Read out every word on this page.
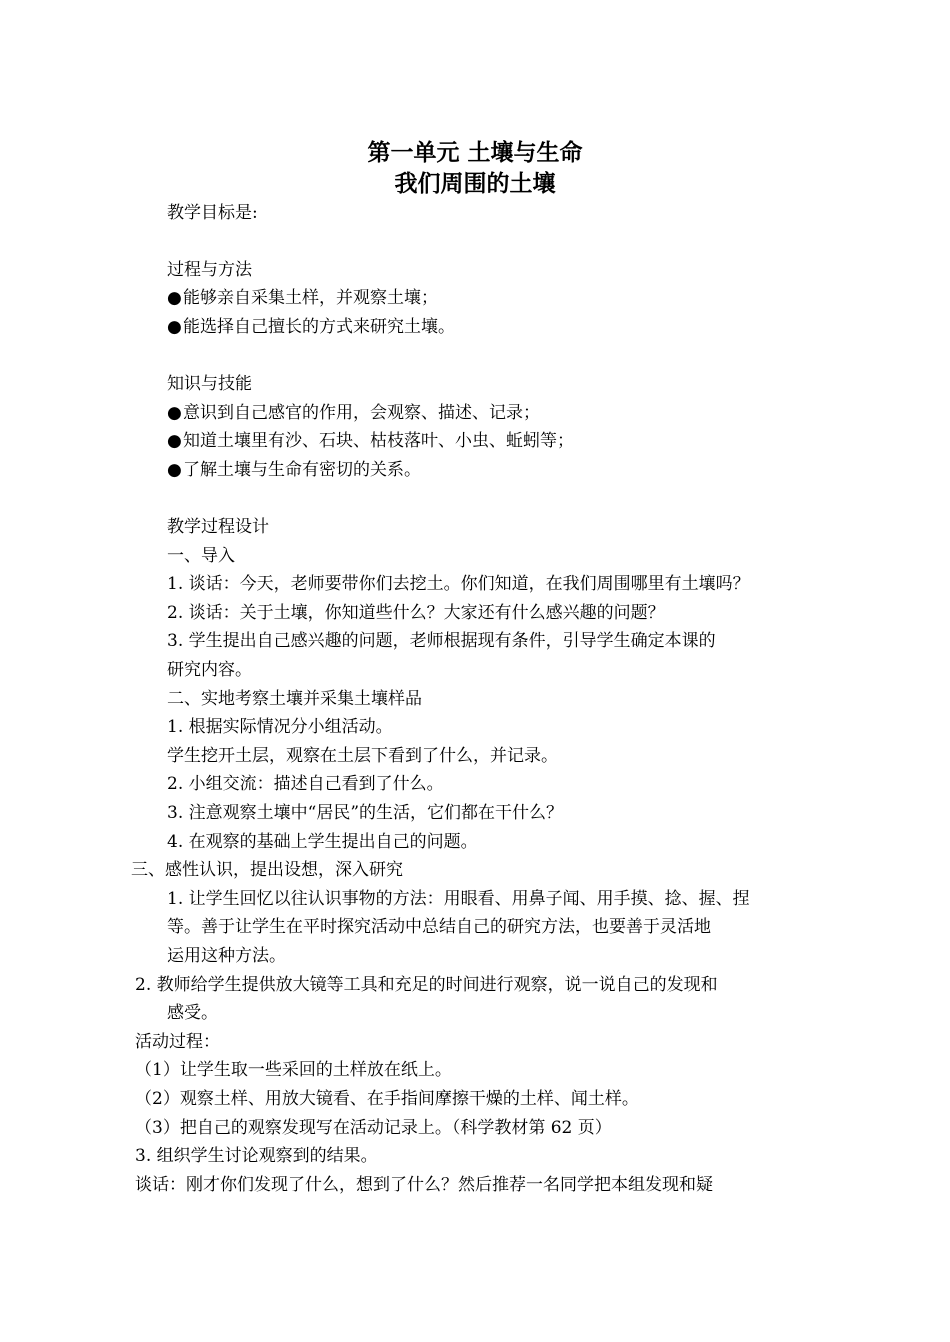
第一单元 土壤与生命
我们周围的土壤
教学目标是:
过程与方法
●能够亲自采集土样，并观察土壤；
●能选择自己擅长的方式来研究土壤。
知识与技能
●意识到自己感官的作用，会观察、描述、记录；
●知道土壤里有沙、石块、枯枝落叶、小虫、蚯蚓等；
●了解土壤与生命有密切的关系。
教学过程设计
一、导入
1. 谈话：今天，老师要带你们去挖土。你们知道，在我们周围哪里有土壤吗？
2. 谈话：关于土壤，你知道些什么？大家还有什么感兴趣的问题？
3. 学生提出自己感兴趣的问题，老师根据现有条件，引导学生确定本课的
研究内容。
二、实地考察土壤并采集土壤样品
1. 根据实际情况分小组活动。
学生挖开土层，观察在土层下看到了什么，并记录。
2. 小组交流：描述自己看到了什么。
3. 注意观察土壤中“居民”的生活，它们都在干什么？
4. 在观察的基础上学生提出自己的问题。
三、感性认识，提出设想，深入研究
1. 让学生回忆以往认识事物的方法：用眼看、用鼻子闻、用手摸、捻、握、捏
等。善于让学生在平时探究活动中总结自己的研究方法，也要善于灵活地
运用这种方法。
2. 教师给学生提供放大镜等工具和充足的时间进行观察，说一说自己的发现和
感受。
活动过程：
（1）让学生取一些采回的土样放在纸上。
（2）观察土样、用放大镜看、在手指间摩擦干燥的土样、闻土样。
（3）把自己的观察发现写在活动记录上。（科学教材第 62 页）
3. 组织学生讨论观察到的结果。
谈话：刚才你们发现了什么，想到了什么？然后推荐一名同学把本组发现和疑
